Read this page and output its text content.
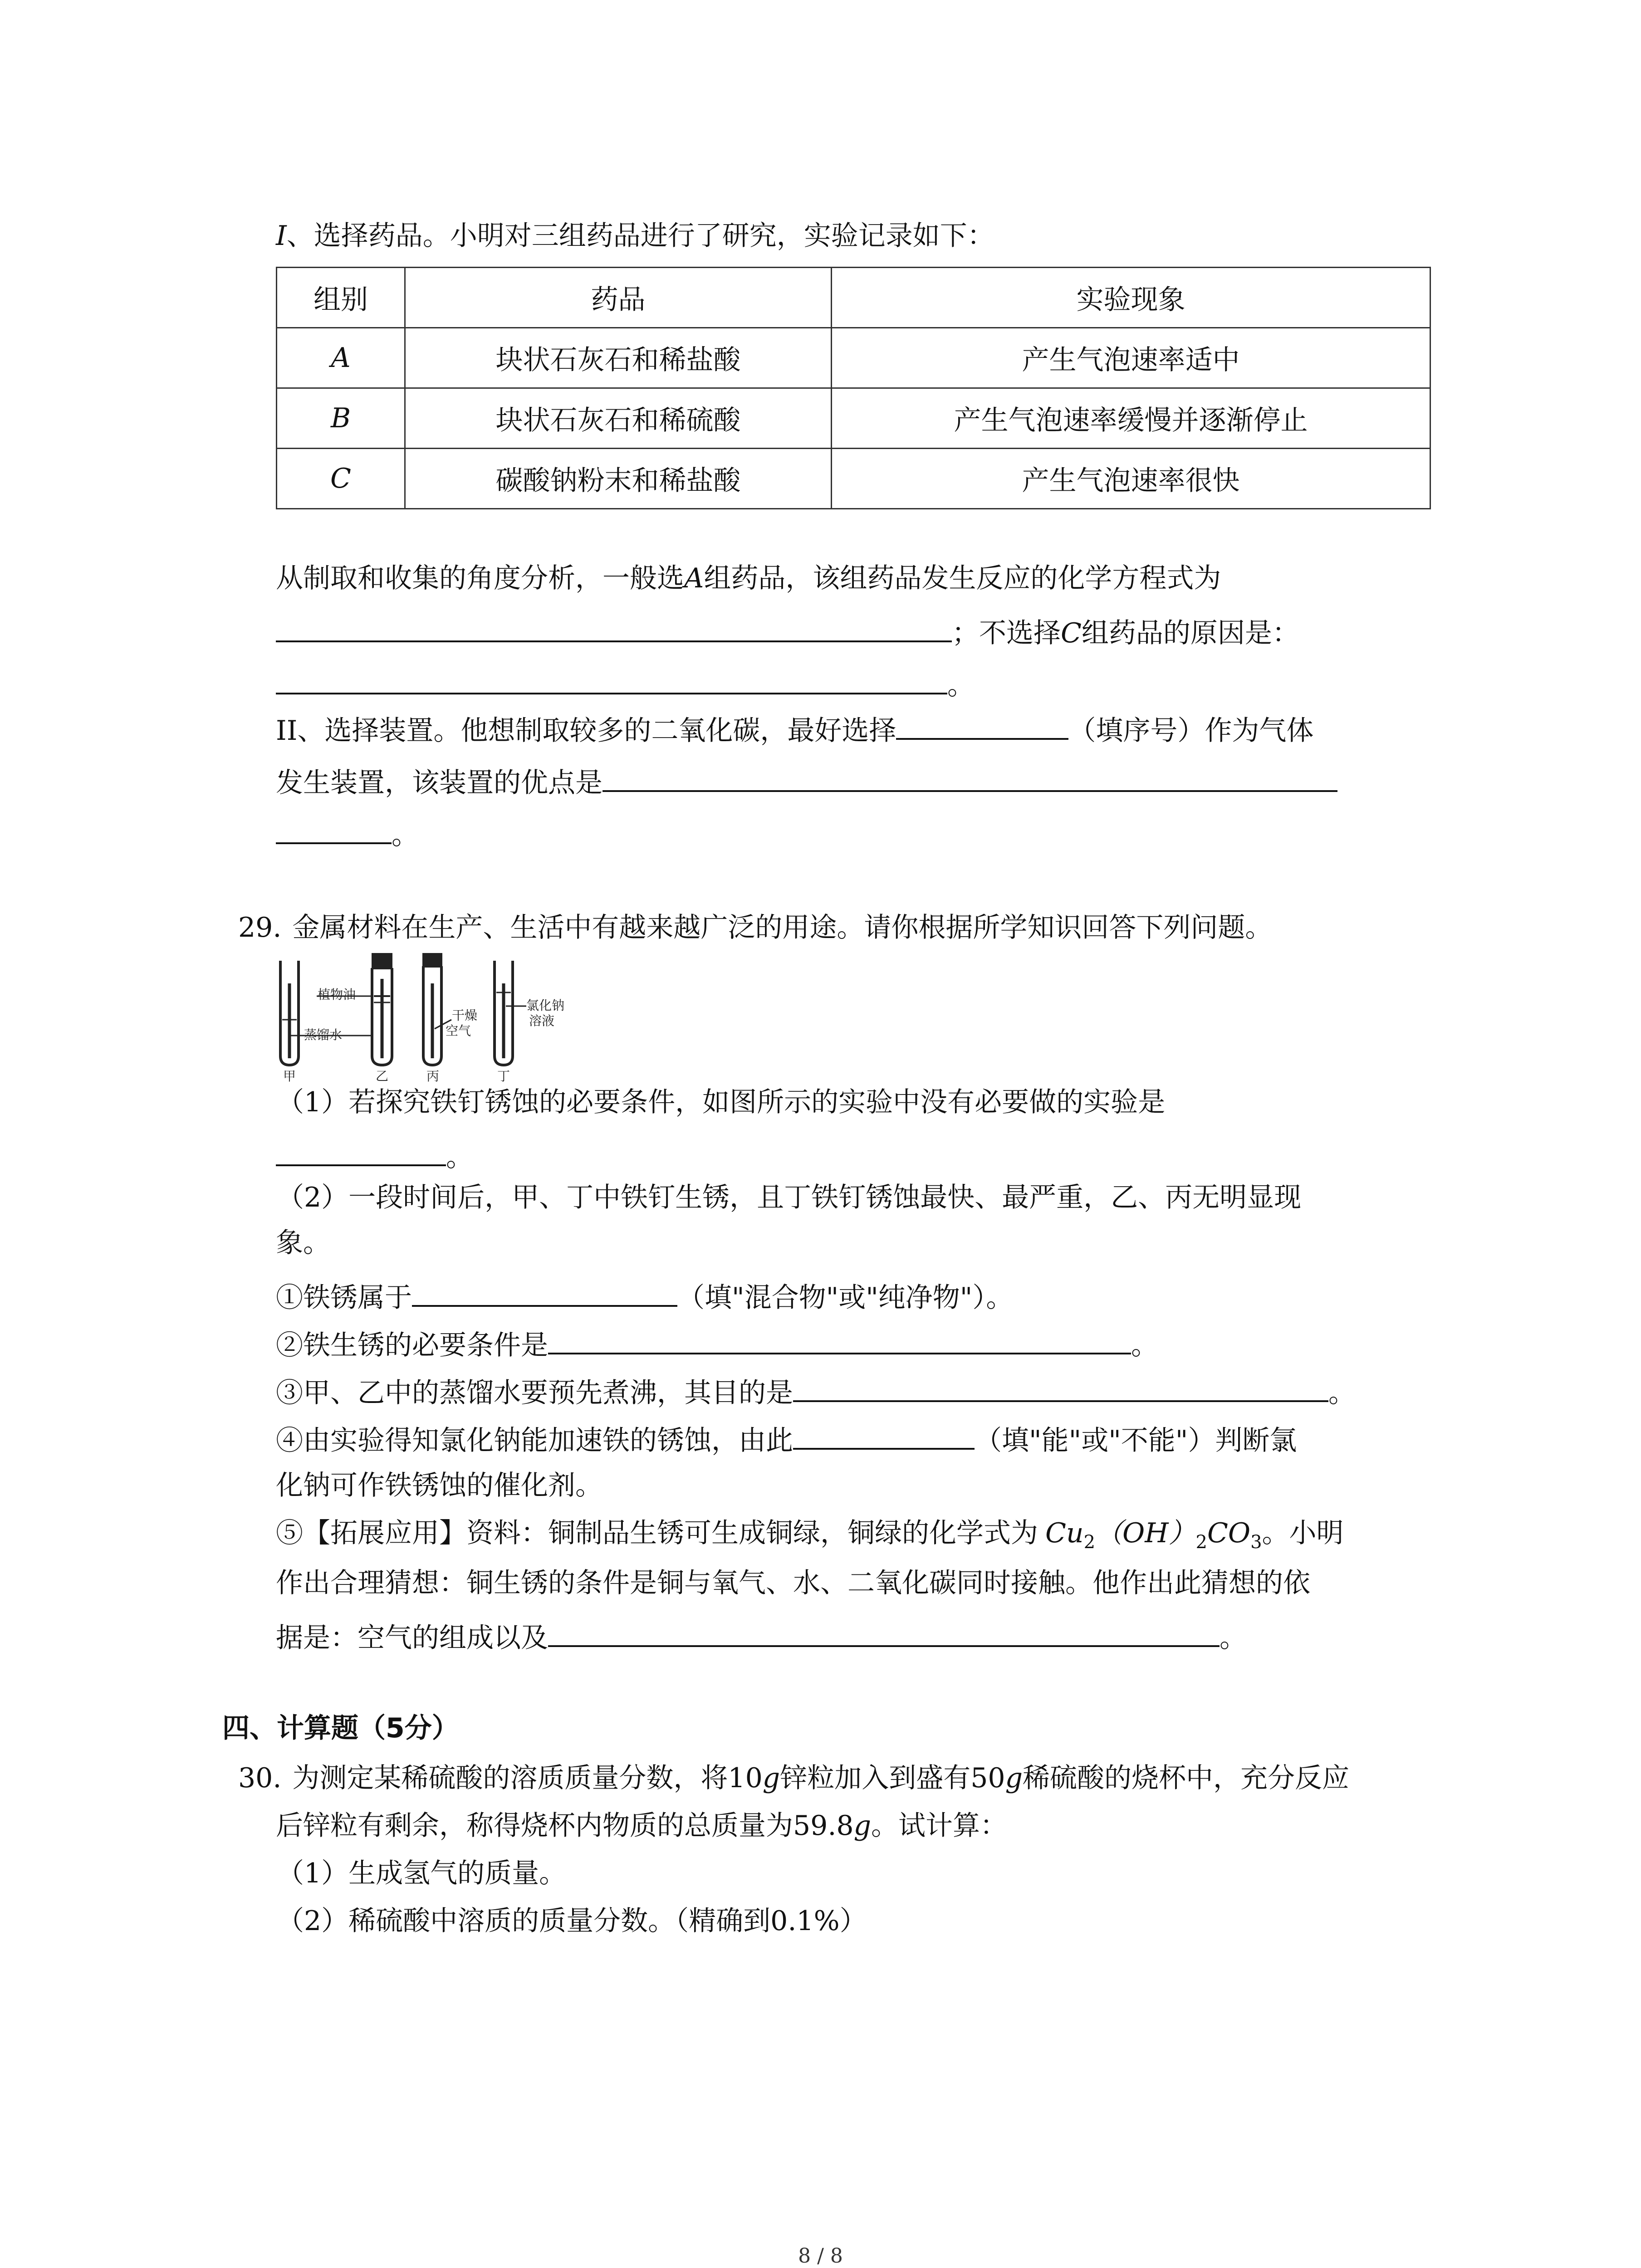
I、选择药品。小明对三组药品进行了研究，实验记录如下：
组别	药品	实验现象
A	块状石灰石和稀盐酸	产生气泡速率适中
B	块状石灰石和稀硫酸	产生气泡速率缓慢并逐渐停止
C	碳酸钠粉末和稀盐酸	产生气泡速率很快
从制取和收集的角度分析，一般选A组药品，该组药品发生反应的化学方程式为
；不选择C组药品的原因是：
。
II、选择装置。他想制取较多的二氧化碳，最好选择	（填序号）作为气体
发生装置，该装置的优点是
。
29. 金属材料在生产、生活中有越来越广泛的用途。请你根据所学知识回答下列问题。
植物油
蒸馏水
干燥
空气
氯化钠
溶液
甲	乙	丙	丁
（1）若探究铁钉锈蚀的必要条件，如图所示的实验中没有必要做的实验是
。
（2）一段时间后，甲、丁中铁钉生锈，且丁铁钉锈蚀最快、最严重，乙、丙无明显现
象。
①铁锈属于	（填"混合物"或"纯净物"）。
②铁生锈的必要条件是	。
③甲、乙中的蒸馏水要预先煮沸，其目的是	。
④由实验得知氯化钠能加速铁的锈蚀，由此	（填"能"或"不能"）判断氯
化钠可作铁锈蚀的催化剂。
⑤【拓展应用】资料：铜制品生锈可生成铜绿，铜绿的化学式为 $Cu_2(OH)_2CO_3$。小明
作出合理猜想：铜生锈的条件是铜与氧气、水、二氧化碳同时接触。他作出此猜想的依
据是：空气的组成以及	。
四、计算题（5分）
30. 为测定某稀硫酸的溶质质量分数，将10g锌粒加入到盛有50g稀硫酸的烧杯中，充分反应
后锌粒有剩余，称得烧杯内物质的总质量为59.8g。试计算：
（1）生成氢气的质量。
（2）稀硫酸中溶质的质量分数。（精确到0.1%）
8 / 8
